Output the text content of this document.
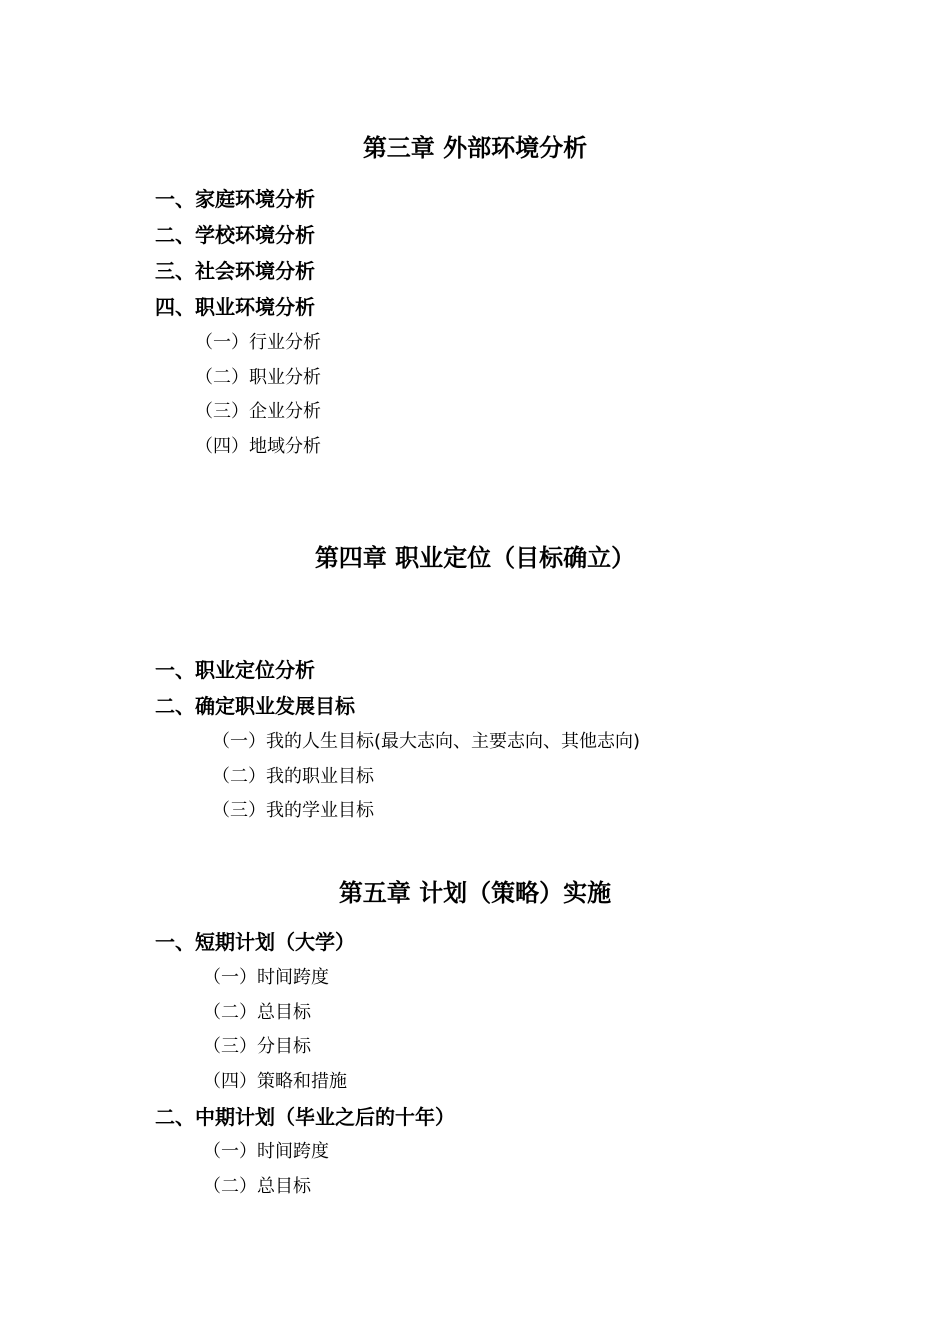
第三章 外部环境分析
一、家庭环境分析
二、学校环境分析
三、社会环境分析
四、职业环境分析
（一）行业分析
（二）职业分析
（三）企业分析
（四）地域分析
第四章 职业定位（目标确立）
一、职业定位分析
二、确定职业发展目标
（一）我的人生目标(最大志向、主要志向、其他志向)
（二）我的职业目标
（三）我的学业目标
第五章 计划（策略）实施
一、短期计划（大学）
（一）时间跨度
（二）总目标
（三）分目标
（四）策略和措施
二、中期计划（毕业之后的十年）
（一）时间跨度
（二）总目标
